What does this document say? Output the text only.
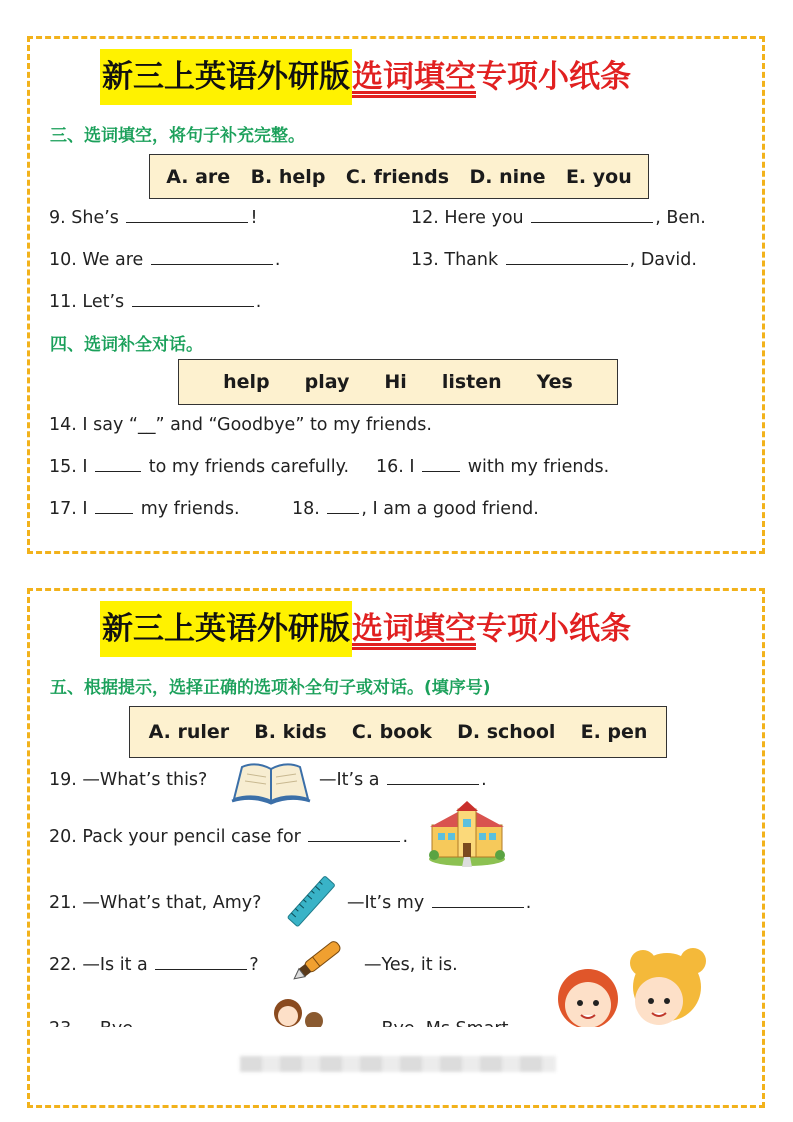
新三上英语外研版 选词填空专项小纸条
三、选词填空，将句子补充完整。
A. are B. help C. friends D. nine E. you
9. She’s	!	12. Here you	, Ben.
10. We are	.	13. Thank	, David.
11. Let’s	.
四、选词补全对话。
help play Hi listen Yes
14. I say “__” and “Goodbye” to my friends.
15. I	to my friends carefully. 16. I	with my friends.
17. I	my friends.	18. , I am a good friend.
新三上英语外研版 选词填空专项小纸条
五、根据提示，选择正确的选项补全句子或对话。(填序号)
A. ruler B. kids C. book D. school E. pen
19. —What’s this?	—It’s a	.
20. Pack your pencil case for	.
21. —What’s that, Amy?	—It’s my	.
22. —Is it a	?	—Yes, it is.
